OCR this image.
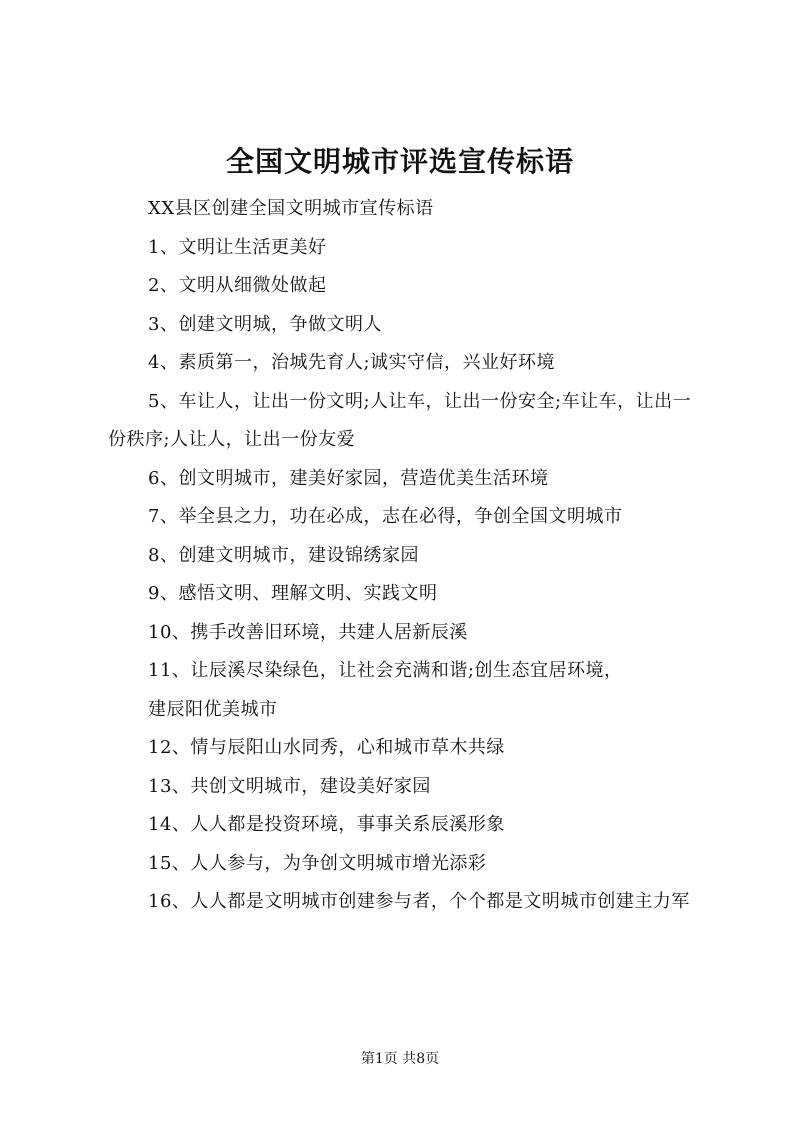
全国文明城市评选宣传标语

XX县区创建全国文明城市宣传标语

1、文明让生活更美好

2、文明从细微处做起

3、创建文明城，争做文明人

4、素质第一，治城先育人;诚实守信，兴业好环境

5、车让人，让出一份文明;人让车，让出一份安全;车让车，让出一份秩序;人让人，让出一份友爱

6、创文明城市，建美好家园，营造优美生活环境

7、举全县之力，功在必成，志在必得，争创全国文明城市

8、创建文明城市，建设锦绣家园

9、感悟文明、理解文明、实践文明

10、携手改善旧环境，共建人居新辰溪

11、让辰溪尽染绿色，让社会充满和谐;创生态宜居环境，

建辰阳优美城市

12、情与辰阳山水同秀，心和城市草木共绿

13、共创文明城市，建设美好家园

14、人人都是投资环境，事事关系辰溪形象

15、人人参与，为争创文明城市增光添彩

16、人人都是文明城市创建参与者，个个都是文明城市创建主力军

第1页 共8页
